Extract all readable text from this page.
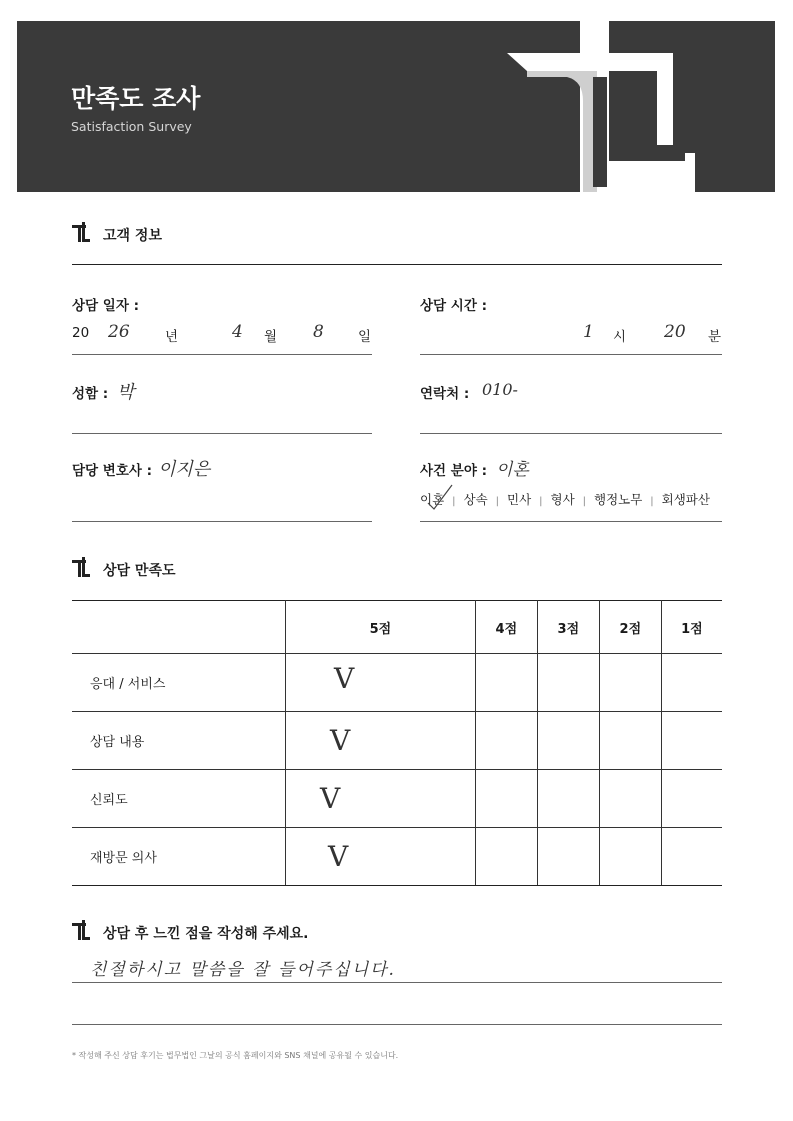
만족도 조사
Satisfaction Survey
고객 정보
상담 일자 :
20 26	년	4 월 8	일
상담 시간 :
1 시 20 분
성함 : 박	연락처 : 010-
담당 변호사 : 이지은	사건 분야 : 이혼
이혼 | 상속 | 민사 | 형사 | 행정노무 | 회생파산
상담 만족도
	5점	4점	3점	2점	1점
응대 / 서비스	V				

상담 내용	V				

신뢰도	V				

재방문 의사	V				

상담 후 느낀 점을 작성해 주세요.
친절하시고 말씀을 잘 들어주십니다.
* 작성해 주신 상담 후기는 법무법인 그날의 공식 홈페이지와 SNS 채널에 공유될 수 있습니다.
